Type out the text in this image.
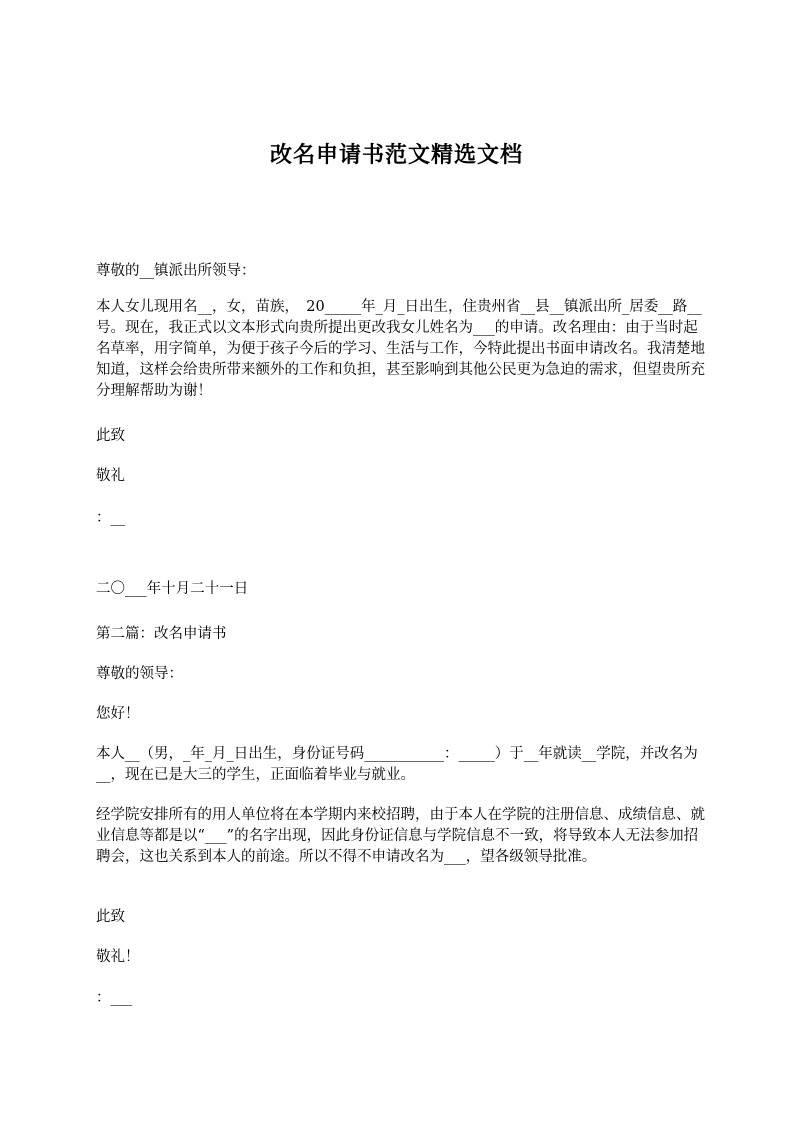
改名申请书范文精选文档

尊敬的__镇派出所领导：

本人女儿现用名__，女，苗族，　20_____年_月_日出生，住贵州省__县__镇派出所_居委__路__号。现在，我正式以文本形式向贵所提出更改我女儿姓名为___的申请。改名理由：由于当时起名草率，用字简单，为便于孩子今后的学习、生活与工作，今特此提出书面申请改名。我清楚地知道，这样会给贵所带来额外的工作和负担，甚至影响到其他公民更为急迫的需求，但望贵所充分理解帮助为谢！

此致

敬礼

：__

二〇___年十月二十一日

第二篇：改名申请书

尊敬的领导：

您好！

本人__（男，_年_月_日出生，身份证号码___________：_____）于__年就读__学院，并改名为__，现在已是大三的学生，正面临着毕业与就业。

经学院安排所有的用人单位将在本学期内来校招聘，由于本人在学院的注册信息、成绩信息、就业信息等都是以“___”的名字出现，因此身份证信息与学院信息不一致，将导致本人无法参加招聘会，这也关系到本人的前途。所以不得不申请改名为___，望各级领导批准。

此致

敬礼！

：___
